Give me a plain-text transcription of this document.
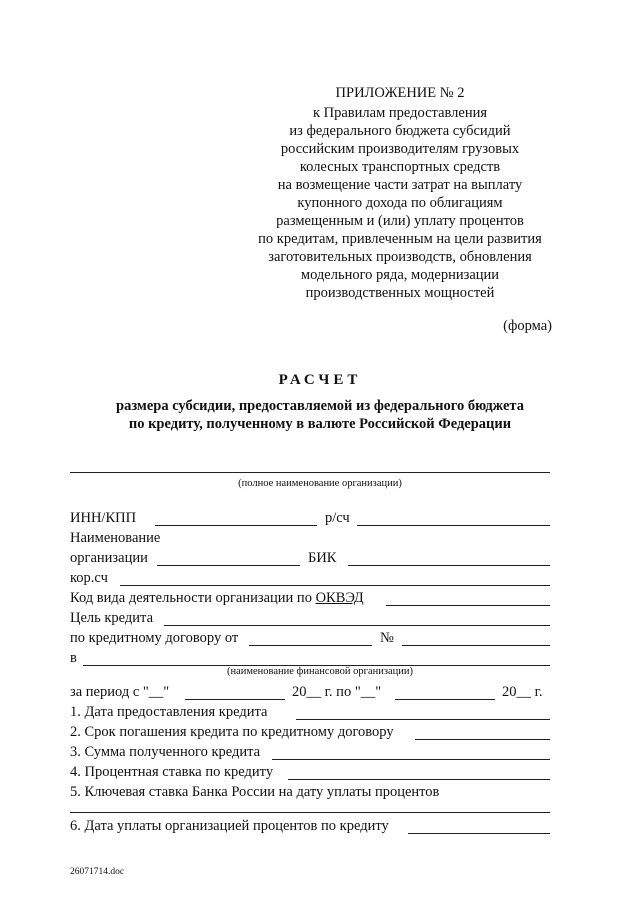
ПРИЛОЖЕНИЕ № 2
к Правилам предоставления
из федерального бюджета субсидий
российским производителям грузовых
колесных транспортных средств
на возмещение части затрат на выплату
купонного дохода по облигациям
размещенным и (или) уплату процентов
по кредитам, привлеченным на цели развития
заготовительных производств, обновления
модельного ряда, модернизации
производственных мощностей
(форма)
РАСЧЕТ
размера субсидии, предоставляемой из федерального бюджета
по кредиту, полученному в валюте Российской Федерации
(полное наименование организации)
ИНН/КПП	р/сч
Наименование
организации	БИК
кор.сч
Код вида деятельности организации по ОКВЭД
Цель кредита
по кредитному договору от	№
в
(наименование финансовой организации)
за период с "__"	20__ г. по "__"	20__ г.
1. Дата предоставления кредита
2. Срок погашения кредита по кредитному договору
3. Сумма полученного кредита
4. Процентная ставка по кредиту
5. Ключевая ставка Банка России на дату уплаты процентов
6. Дата уплаты организацией процентов по кредиту
26071714.doc
